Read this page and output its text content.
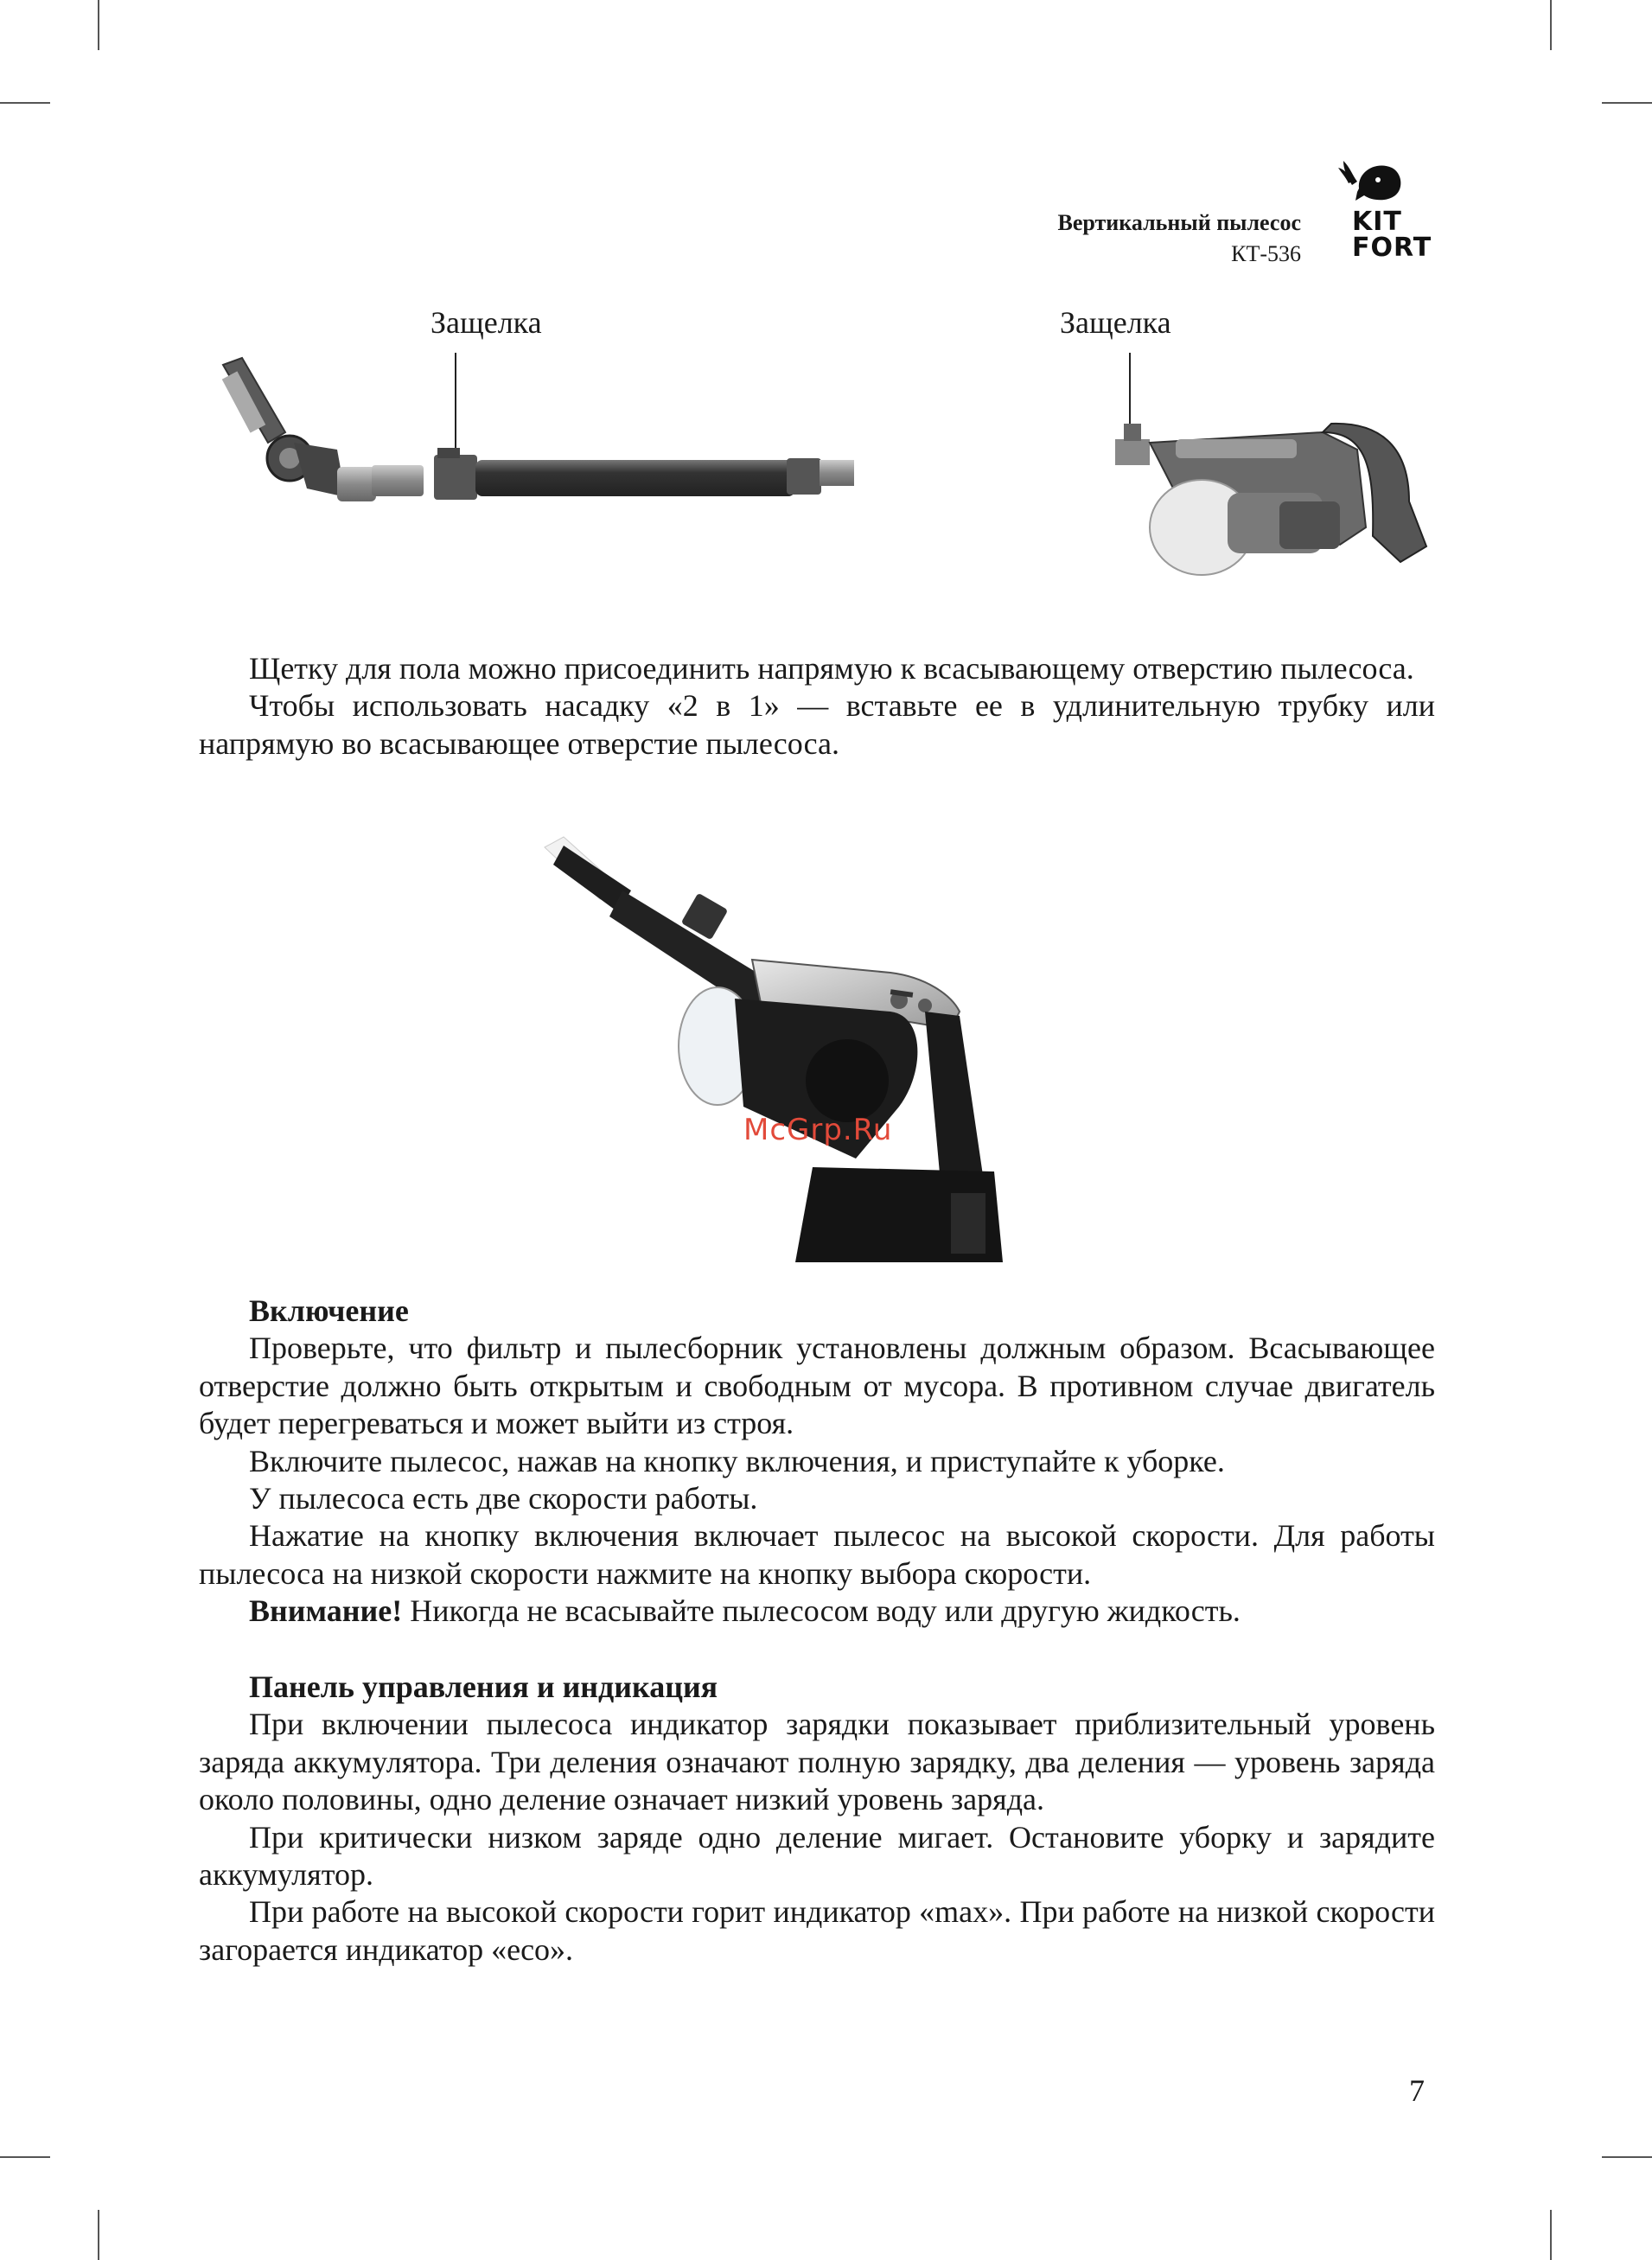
Вертикальный пылесос
КТ-536
KIT
FORT
Защелка	Защелка

Щетку для пола можно присоединить напрямую к всасывающему отверстию пылесоса.

Чтобы использовать насадку «2 в 1» — вставьте ее в удлинительную трубку или напрямую во всасывающее отверстие пылесоса.

McGrp.Ru

Включение

Проверьте, что фильтр и пылесборник установлены должным образом. Всасывающее отверстие должно быть открытым и свободным от мусора. В противном случае двигатель будет перегреваться и может выйти из строя.

Включите пылесос, нажав на кнопку включения, и приступайте к уборке.

У пылесоса есть две скорости работы.

Нажатие на кнопку включения включает пылесос на высокой скорости. Для работы пылесоса на низкой скорости нажмите на кнопку выбора скорости.

Внимание! Никогда не всасывайте пылесосом воду или другую жидкость.

Панель управления и индикация

При включении пылесоса индикатор зарядки показывает приблизительный уровень заряда аккумулятора. Три деления означают полную зарядку, два деления — уровень заряда около половины, одно деление означает низкий уровень заряда.

При критически низком заряде одно деление мигает. Остановите уборку и зарядите аккумулятор.

При работе на высокой скорости горит индикатор «max». При работе на низкой скорости загорается индикатор «eco».

7
